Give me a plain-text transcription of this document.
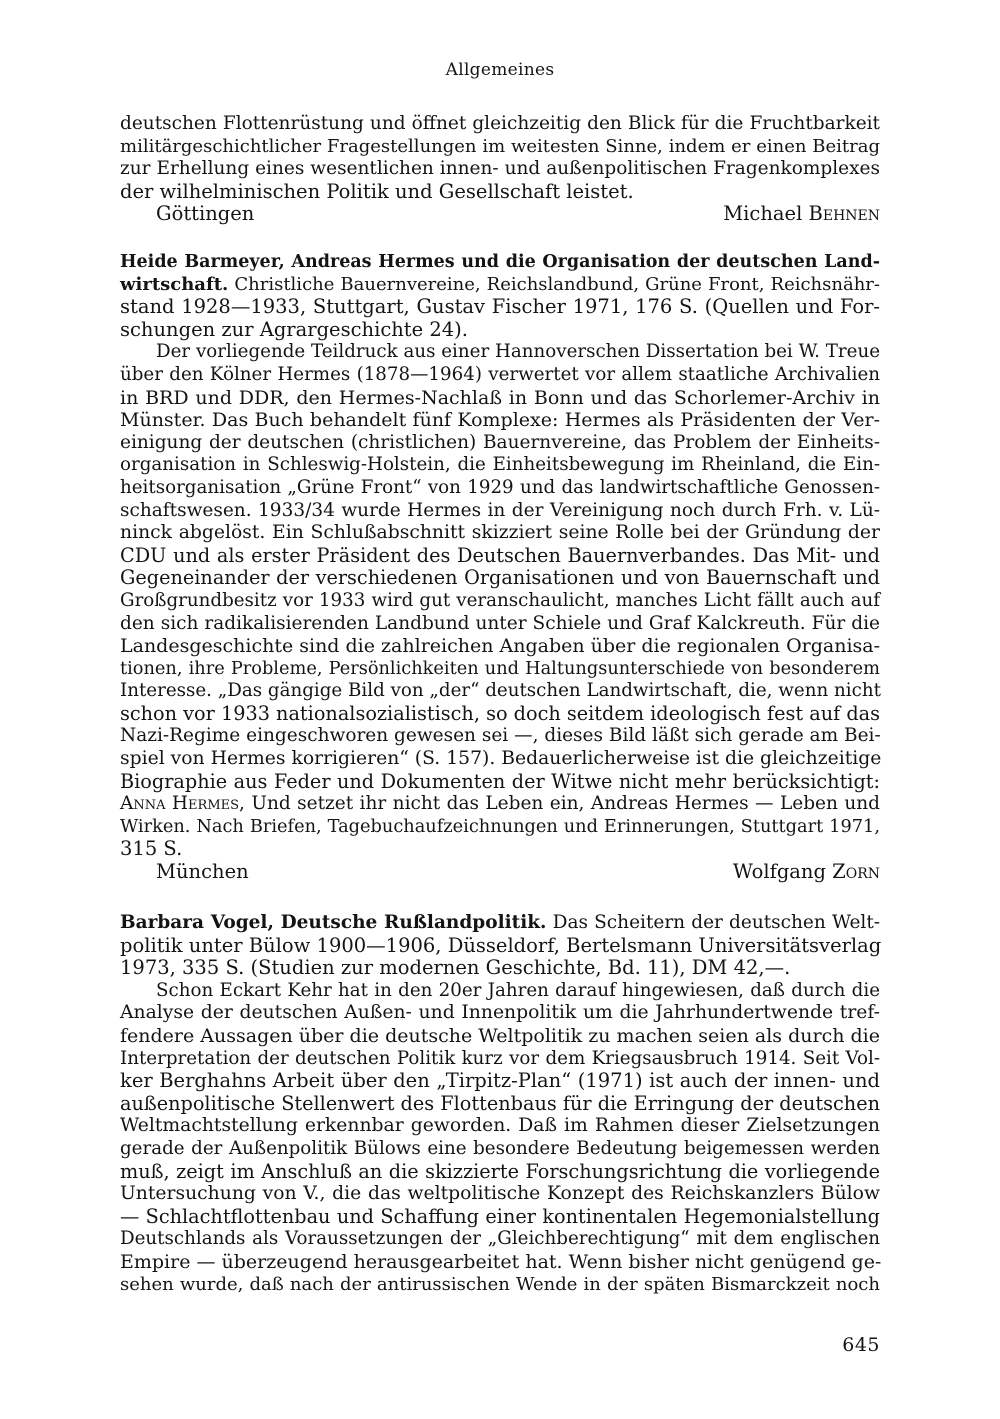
Allgemeines
deutschen Flottenrüstung und öffnet gleichzeitig den Blick für die Fruchtbarkeit
militärgeschichtlicher Fragestellungen im weitesten Sinne, indem er einen Beitrag
zur Erhellung eines wesentlichen innen- und außenpolitischen Fragenkomplexes
der wilhelminischen Politik und Gesellschaft leistet.
Göttingen	Michael Behnen
Heide Barmeyer, Andreas Hermes und die Organisation der deutschen Land-
wirtschaft. Christliche Bauernvereine, Reichslandbund, Grüne Front, Reichsnähr-
stand 1928—1933, Stuttgart, Gustav Fischer 1971, 176 S. (Quellen und For-
schungen zur Agrargeschichte 24).
Der vorliegende Teildruck aus einer Hannoverschen Dissertation bei W. Treue
über den Kölner Hermes (1878—1964) verwertet vor allem staatliche Archivalien
in BRD und DDR, den Hermes-Nachlaß in Bonn und das Schorlemer-Archiv in
Münster. Das Buch behandelt fünf Komplexe: Hermes als Präsidenten der Ver-
einigung der deutschen (christlichen) Bauernvereine, das Problem der Einheits-
organisation in Schleswig-Holstein, die Einheitsbewegung im Rheinland, die Ein-
heitsorganisation „Grüne Front“ von 1929 und das landwirtschaftliche Genossen-
schaftswesen. 1933/34 wurde Hermes in der Vereinigung noch durch Frh. v. Lü-
ninck abgelöst. Ein Schlußabschnitt skizziert seine Rolle bei der Gründung der
CDU und als erster Präsident des Deutschen Bauernverbandes. Das Mit- und
Gegeneinander der verschiedenen Organisationen und von Bauernschaft und
Großgrundbesitz vor 1933 wird gut veranschaulicht, manches Licht fällt auch auf
den sich radikalisierenden Landbund unter Schiele und Graf Kalckreuth. Für die
Landesgeschichte sind die zahlreichen Angaben über die regionalen Organisa-
tionen, ihre Probleme, Persönlichkeiten und Haltungsunterschiede von besonderem
Interesse. „Das gängige Bild von „der“ deutschen Landwirtschaft, die, wenn nicht
schon vor 1933 nationalsozialistisch, so doch seitdem ideologisch fest auf das
Nazi-Regime eingeschworen gewesen sei —, dieses Bild läßt sich gerade am Bei-
spiel von Hermes korrigieren“ (S. 157). Bedauerlicherweise ist die gleichzeitige
Biographie aus Feder und Dokumenten der Witwe nicht mehr berücksichtigt:
Anna Hermes, Und setzet ihr nicht das Leben ein, Andreas Hermes — Leben und
Wirken. Nach Briefen, Tagebuchaufzeichnungen und Erinnerungen, Stuttgart 1971,
315 S.
München	Wolfgang Zorn
Barbara Vogel, Deutsche Rußlandpolitik. Das Scheitern der deutschen Welt-
politik unter Bülow 1900—1906, Düsseldorf, Bertelsmann Universitätsverlag
1973, 335 S. (Studien zur modernen Geschichte, Bd. 11), DM 42,—.
Schon Eckart Kehr hat in den 20er Jahren darauf hingewiesen, daß durch die
Analyse der deutschen Außen- und Innenpolitik um die Jahrhundertwende tref-
fendere Aussagen über die deutsche Weltpolitik zu machen seien als durch die
Interpretation der deutschen Politik kurz vor dem Kriegsausbruch 1914. Seit Vol-
ker Berghahns Arbeit über den „Tirpitz-Plan“ (1971) ist auch der innen- und
außenpolitische Stellenwert des Flottenbaus für die Erringung der deutschen
Weltmachtstellung erkennbar geworden. Daß im Rahmen dieser Zielsetzungen
gerade der Außenpolitik Bülows eine besondere Bedeutung beigemessen werden
muß, zeigt im Anschluß an die skizzierte Forschungsrichtung die vorliegende
Untersuchung von V., die das weltpolitische Konzept des Reichskanzlers Bülow
— Schlachtflottenbau und Schaffung einer kontinentalen Hegemonialstellung
Deutschlands als Voraussetzungen der „Gleichberechtigung“ mit dem englischen
Empire — überzeugend herausgearbeitet hat. Wenn bisher nicht genügend ge-
sehen wurde, daß nach der antirussischen Wende in der späten Bismarckzeit noch
645
